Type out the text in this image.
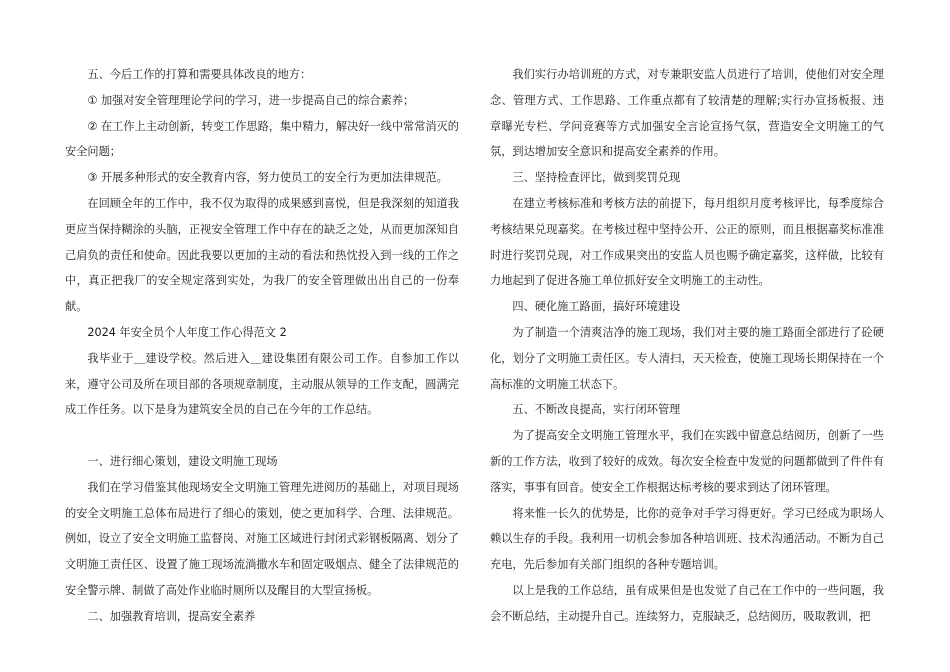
五、今后工作的打算和需要具体改良的地方：

① 加强对安全管理理论学问的学习，进一步提高自己的综合素养；

② 在工作上主动创新，转变工作思路，集中精力，解决好一线中常常消灭的安全问题；

③ 开展多种形式的安全教育内容，努力使员工的安全行为更加法律规范。

在回顾全年的工作中，我不仅为取得的成果感到喜悦，但是我深刻的知道我更应当保持糊涂的头脑，正视安全管理工作中存在的缺乏之处，从而更加深知自己肩负的责任和使命。因此我要以更加的主动的看法和热忱投入到一线的工作之中，真正把我厂的安全规定落到实处，为我厂的安全管理做出出自己的一份奉献。

2024 年安全员个人年度工作心得范文 2

我毕业于＿建设学校。然后进入＿建设集团有限公司工作。自参加工作以来，遵守公司及所在项目部的各项规章制度，主动服从领导的工作支配，圆满完成工作任务。以下是身为建筑安全员的自己在今年的工作总结。

一、进行细心策划，建设文明施工现场

我们在学习借鉴其他现场安全文明施工管理先进阅历的基础上，对项目现场的安全文明施工总体布局进行了细心的策划，使之更加科学、合理、法律规范。例如，设立了安全文明施工监督岗、对施工区域进行封闭式彩钢板隔离、划分了文明施工责任区、设置了施工现场流淌撒水车和固定吸烟点、健全了法律规范的安全警示牌、制做了高处作业临时厕所以及醒目的大型宣扬板。

二、加强教育培训，提高安全素养

我们实行办培训班的方式，对专兼职安监人员进行了培训，使他们对安全理念、管理方式、工作思路、工作重点都有了较清楚的理解;实行办宣扬板报、违章曝光专栏、学问竞赛等方式加强安全言论宣扬气氛，营造安全文明施工的气氛，到达增加安全意识和提高安全素养的作用。

三、坚持检查评比，做到奖罚兑现

在建立考核标准和考核方法的前提下，每月组织月度考核评比，每季度综合考核结果兑现嘉奖。在考核过程中坚持公开、公正的原则，而且根据嘉奖标准准时进行奖罚兑现，对工作成果突出的安监人员也赐予确定嘉奖，这样做，比较有力地起到了促进各施工单位抓好安全文明施工的主动性。

四、硬化施工路面，搞好环境建设

为了制造一个清爽洁净的施工现场，我们对主要的施工路面全部进行了砼硬化，划分了文明施工责任区。专人清扫，天天检查，使施工现场长期保持在一个高标准的文明施工状态下。

五、不断改良提高，实行闭环管理

为了提高安全文明施工管理水平，我们在实践中留意总结阅历，创新了一些新的工作方法，收到了较好的成效。每次安全检查中发觉的问题都做到了件件有落实，事事有回音。使安全工作根据达标考核的要求到达了闭环管理。

将来惟一长久的优势是，比你的竞争对手学习得更好。学习已经成为职场人赖以生存的手段。我利用一切机会参加各种培训班、技术沟通活动。不断为自己充电，先后参加有关部门组织的各种专题培训。

以上是我的工作总结，虽有成果但是也发觉了自己在工作中的一些问题，我会不断总结，主动提升自己。连续努力，克服缺乏，总结阅历，吸取教训，把
